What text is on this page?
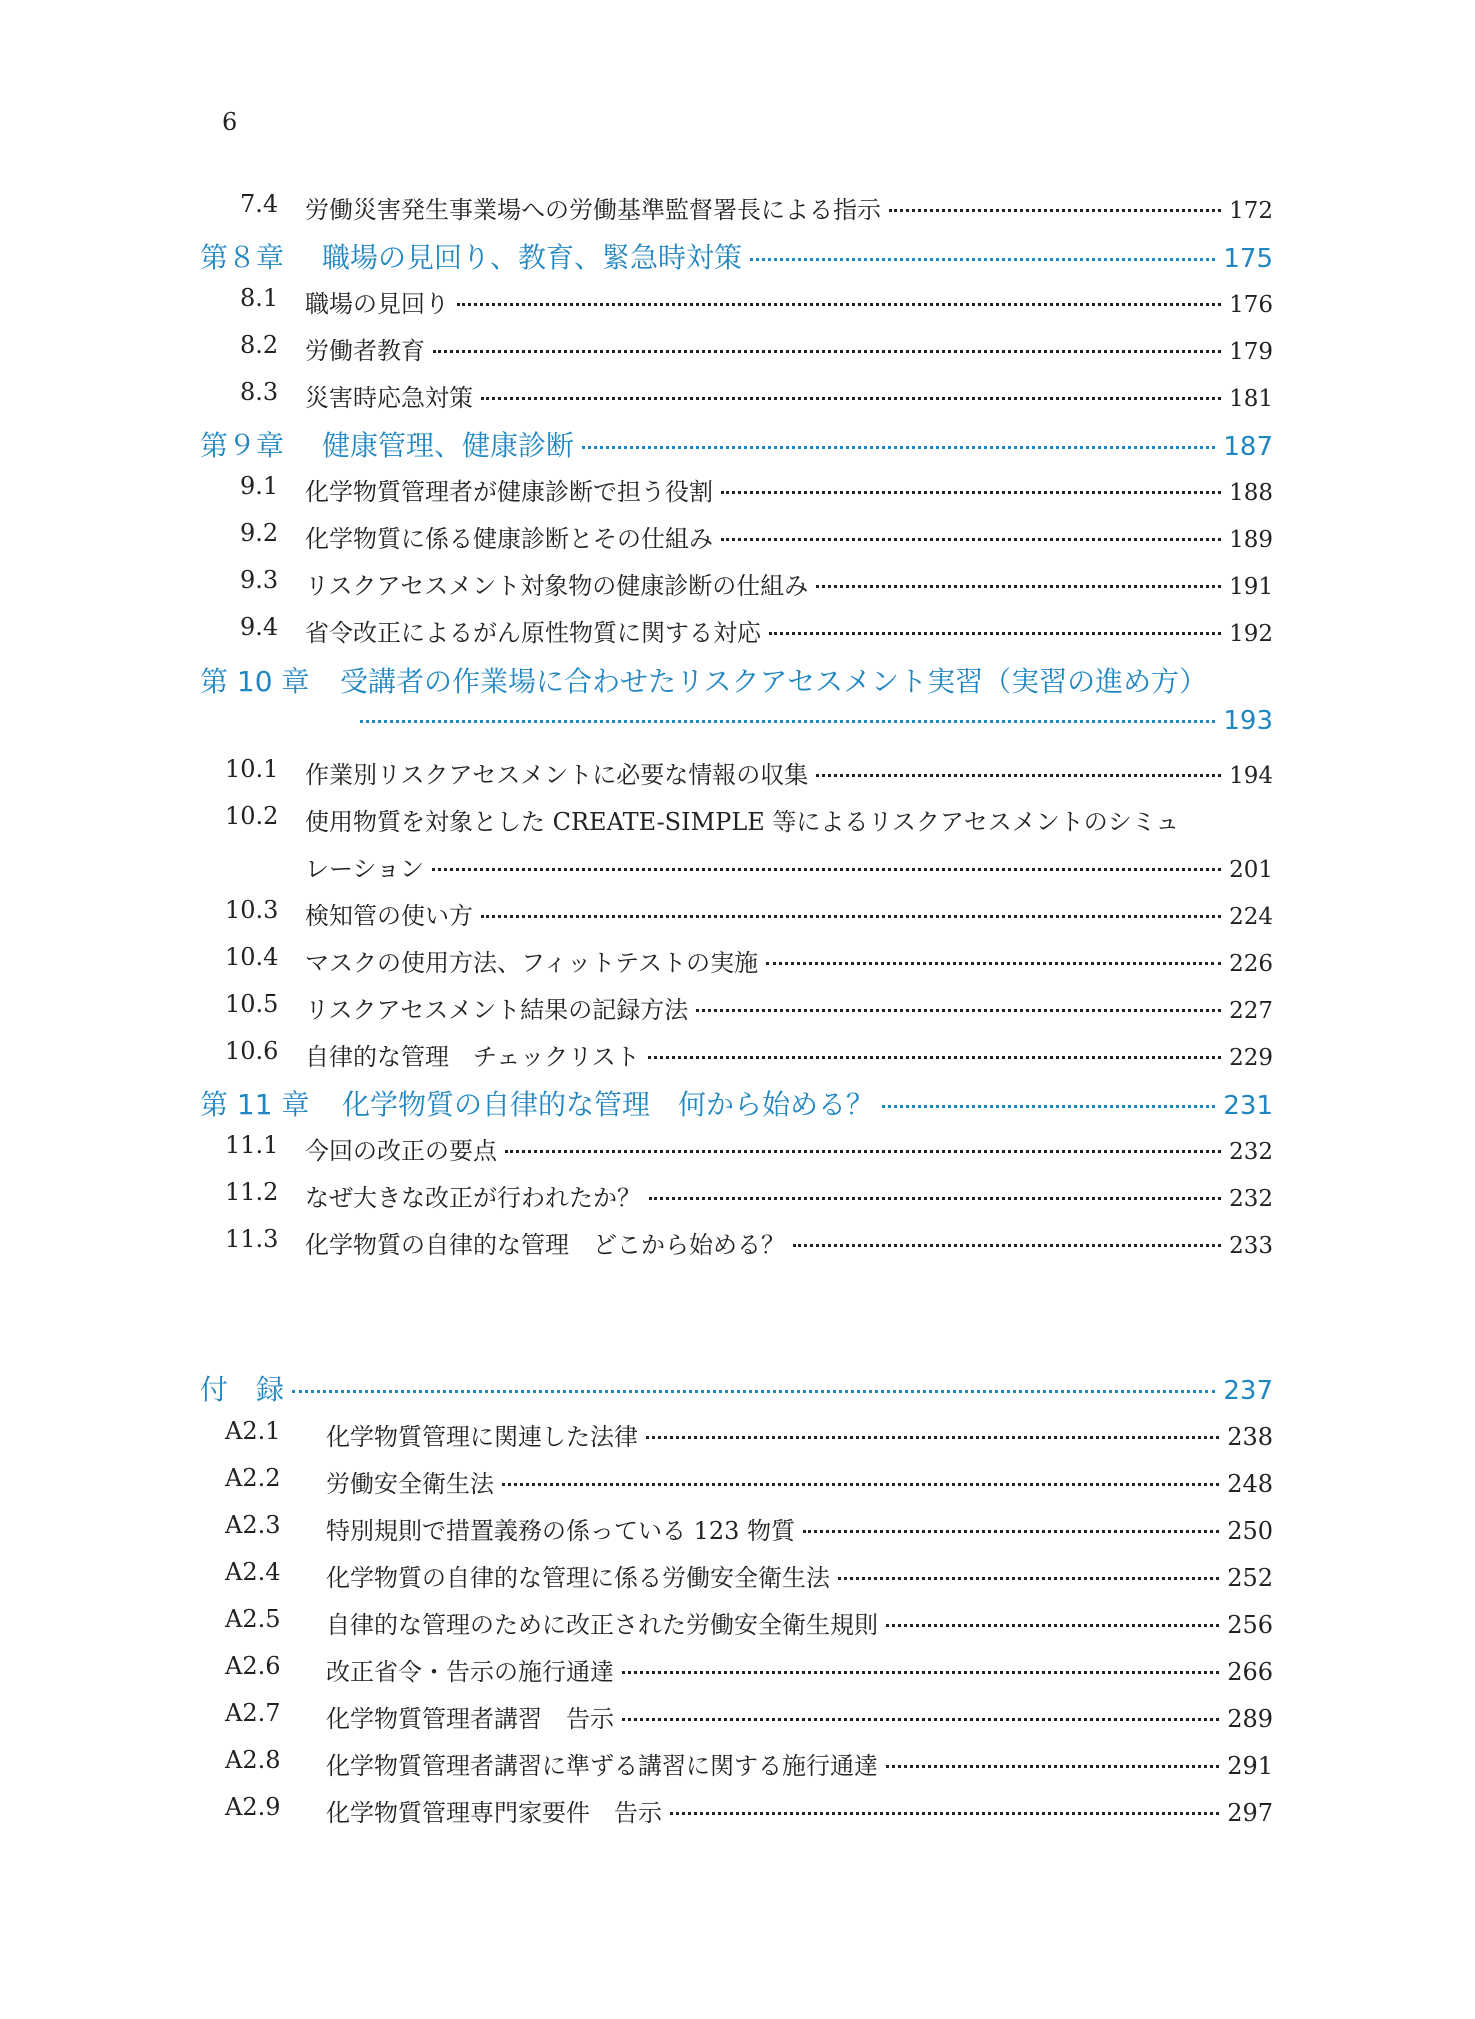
6
7.4 労働災害発生事業場への労働基準監督署長による指示	172
第８章 職場の見回り、教育、緊急時対策	175
8.1 職場の見回り	176
8.2 労働者教育	179
8.3 災害時応急対策	181
第９章 健康管理、健康診断	187
9.1 化学物質管理者が健康診断で担う役割	188
9.2 化学物質に係る健康診断とその仕組み	189
9.3 リスクアセスメント対象物の健康診断の仕組み	191
9.4 省令改正によるがん原性物質に関する対応	192
第 10 章 受講者の作業場に合わせたリスクアセスメント実習（実習の進め方）
193
10.1 作業別リスクアセスメントに必要な情報の収集	194
10.2 使用物質を対象とした CREATE-SIMPLE 等によるリスクアセスメントのシミュ
レーション	201
10.3 検知管の使い方	224
10.4 マスクの使用方法、フィットテストの実施	226
10.5 リスクアセスメント結果の記録方法	227
10.6 自律的な管理　チェックリスト	229
第 11 章 化学物質の自律的な管理　何から始める？	231
11.1 今回の改正の要点	232
11.2 なぜ大きな改正が行われたか？	232
11.3 化学物質の自律的な管理　どこから始める？	233
付　録	237
A2.1 化学物質管理に関連した法律	238
A2.2 労働安全衛生法	248
A2.3 特別規則で措置義務の係っている 123 物質	250
A2.4 化学物質の自律的な管理に係る労働安全衛生法	252
A2.5 自律的な管理のために改正された労働安全衛生規則	256
A2.6 改正省令・告示の施行通達	266
A2.7 化学物質管理者講習　告示	289
A2.8 化学物質管理者講習に準ずる講習に関する施行通達	291
A2.9 化学物質管理専門家要件　告示	297
